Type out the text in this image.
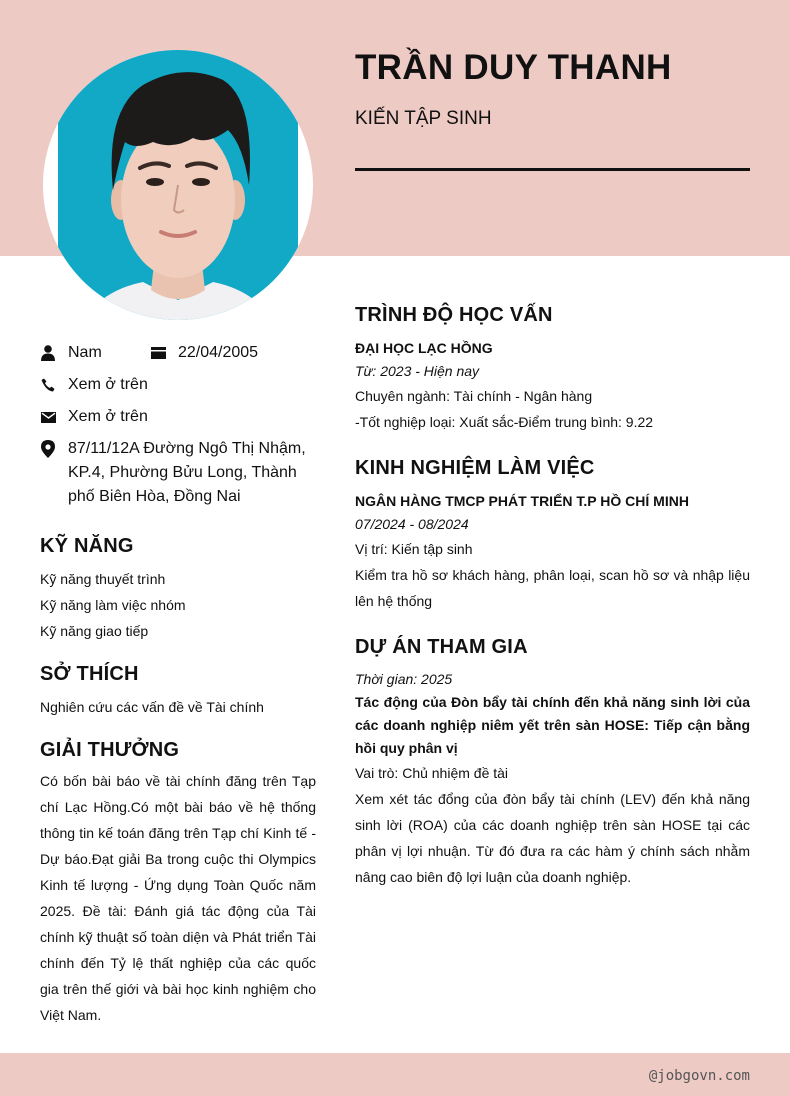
TRẦN DUY THANH
KIẾN TẬP SINH
Nam	22/04/2005
Xem ở trên
Xem ở trên
87/11/12A Đường Ngô Thị Nhậm, KP.4, Phường Bửu Long, Thành phố Biên Hòa, Đồng Nai
KỸ NĂNG
Kỹ năng thuyết trình
Kỹ năng làm việc nhóm
Kỹ năng giao tiếp
SỞ THÍCH
Nghiên cứu các vấn đề về Tài chính
GIẢI THƯỞNG
Có bốn bài báo về tài chính đăng trên Tạp chí Lạc Hồng.Có một bài báo về hệ thống thông tin kế toán đăng trên Tạp chí Kinh tế - Dự báo.Đạt giải Ba trong cuộc thi Olympics Kinh tế lượng - Ứng dụng Toàn Quốc năm 2025. Đề tài: Đánh giá tác động của Tài chính kỹ thuật số toàn diện và Phát triển Tài chính đến Tỷ lệ thất nghiệp của các quốc gia trên thế giới và bài học kinh nghiệm cho Việt Nam.
TRÌNH ĐỘ HỌC VẤN
ĐẠI HỌC LẠC HỒNG
Từ: 2023 - Hiện nay
Chuyên ngành: Tài chính - Ngân hàng
-Tốt nghiệp loại: Xuất sắc-Điểm trung bình: 9.22
KINH NGHIỆM LÀM VIỆC
NGÂN HÀNG TMCP PHÁT TRIỂN T.P HỒ CHÍ MINH
07/2024 - 08/2024
Vị trí: Kiến tập sinh
Kiểm tra hồ sơ khách hàng, phân loại, scan hồ sơ và nhập liệu lên hệ thống
DỰ ÁN THAM GIA
Thời gian: 2025
Tác động của Đòn bẩy tài chính đến khả năng sinh lời của các doanh nghiệp niêm yết trên sàn HOSE: Tiếp cận bằng hồi quy phân vị
Vai trò: Chủ nhiệm đề tài
Xem xét tác đổng của đòn bẩy tài chính (LEV) đến khả năng sinh lời (ROA) của các doanh nghiệp trên sàn HOSE tại các phân vị lợi nhuận. Từ đó đưa ra các hàm ý chính sách nhằm nâng cao biên độ lợi luận của doanh nghiệp.
@jobgovn.com
